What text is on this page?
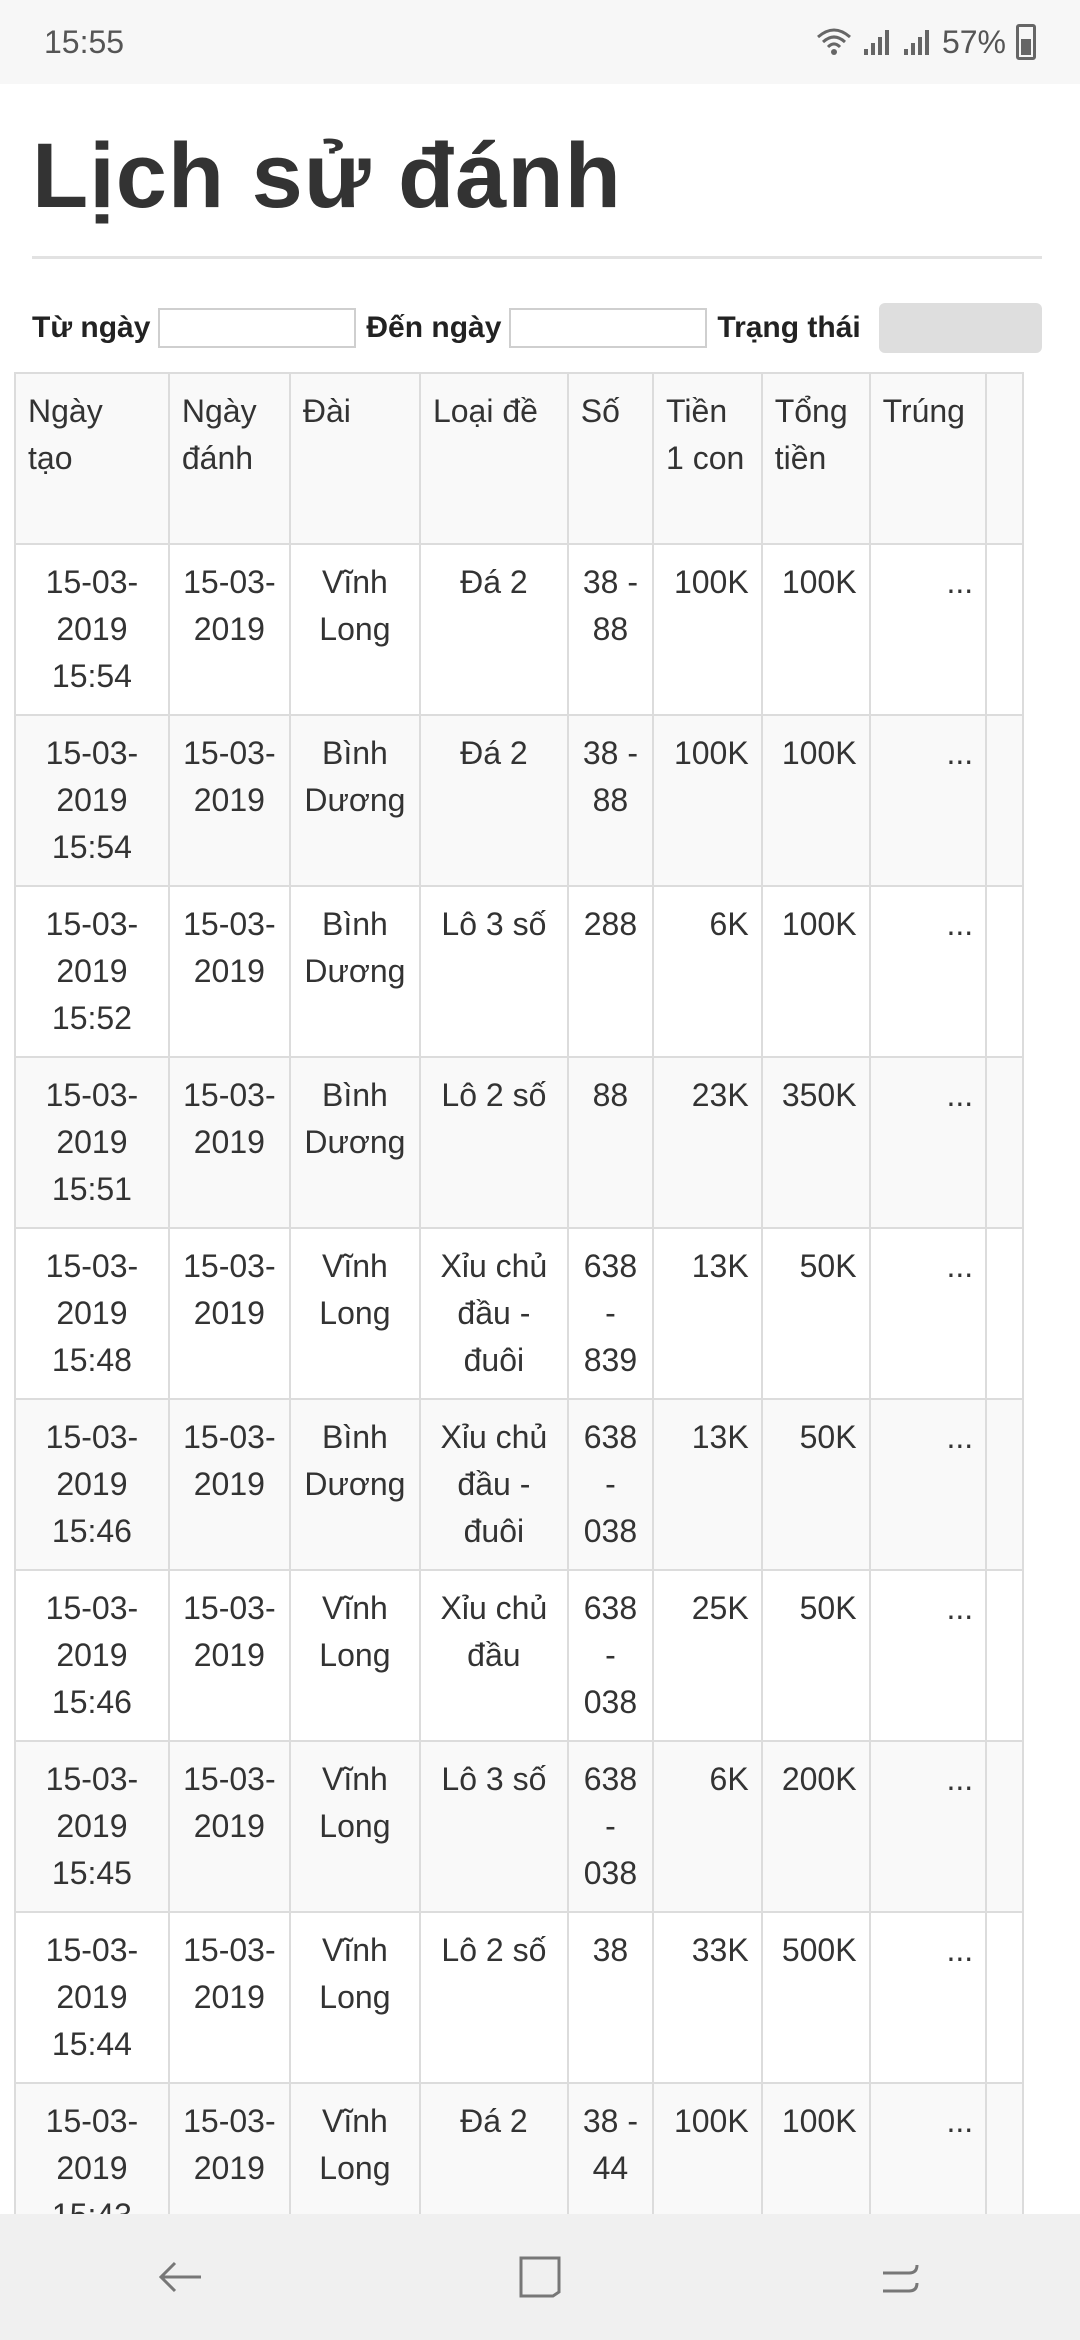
15:55	57%
Lịch sử đánh
Từ ngày	Đến ngày	Trạng thái
Ngày tạo	Ngày đánh	Đài	Loại đề	Số	Tiền 1 con	Tổng tiền	Trúng	
15-03-2019 15:54	15-03-2019	Vĩnh Long	Đá 2	38 - 88	100K	100K	...	
15-03-2019 15:54	15-03-2019	Bình Dương	Đá 2	38 - 88	100K	100K	...	
15-03-2019 15:52	15-03-2019	Bình Dương	Lô 3 số	288	6K	100K	...	
15-03-2019 15:51	15-03-2019	Bình Dương	Lô 2 số	88	23K	350K	...	
15-03-2019 15:48	15-03-2019	Vĩnh Long	Xỉu chủ đầu - đuôi	638 - 839	13K	50K	...	
15-03-2019 15:46	15-03-2019	Bình Dương	Xỉu chủ đầu - đuôi	638 - 038	13K	50K	...	
15-03-2019 15:46	15-03-2019	Vĩnh Long	Xỉu chủ đầu	638 - 038	25K	50K	...	
15-03-2019 15:45	15-03-2019	Vĩnh Long	Lô 3 số	638 - 038	6K	200K	...	
15-03-2019 15:44	15-03-2019	Vĩnh Long	Lô 2 số	38	33K	500K	...	
15-03-2019	15-03-2019	Vĩnh Long	Đá 2	38 - 44	100K	100K	...	
